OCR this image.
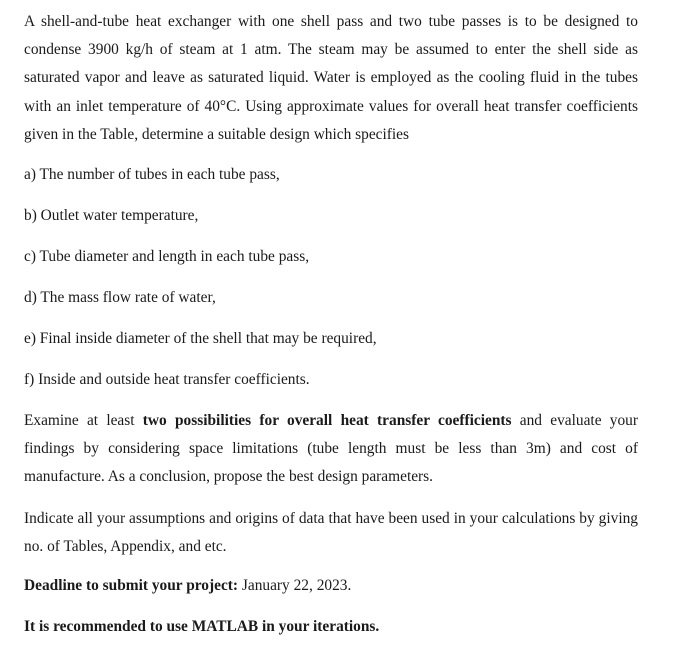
A shell-and-tube heat exchanger with one shell pass and two tube passes is to be designed to condense 3900 kg/h of steam at 1 atm. The steam may be assumed to enter the shell side as saturated vapor and leave as saturated liquid. Water is employed as the cooling fluid in the tubes with an inlet temperature of 40°C. Using approximate values for overall heat transfer coefficients given in the Table, determine a suitable design which specifies

a) The number of tubes in each tube pass,

b) Outlet water temperature,

c) Tube diameter and length in each tube pass,

d) The mass flow rate of water,

e) Final inside diameter of the shell that may be required,

f) Inside and outside heat transfer coefficients.

Examine at least two possibilities for overall heat transfer coefficients and evaluate your findings by considering space limitations (tube length must be less than 3m) and cost of manufacture. As a conclusion, propose the best design parameters.

Indicate all your assumptions and origins of data that have been used in your calculations by giving no. of Tables, Appendix, and etc.

Deadline to submit your project: January 22, 2023.

It is recommended to use MATLAB in your iterations.
